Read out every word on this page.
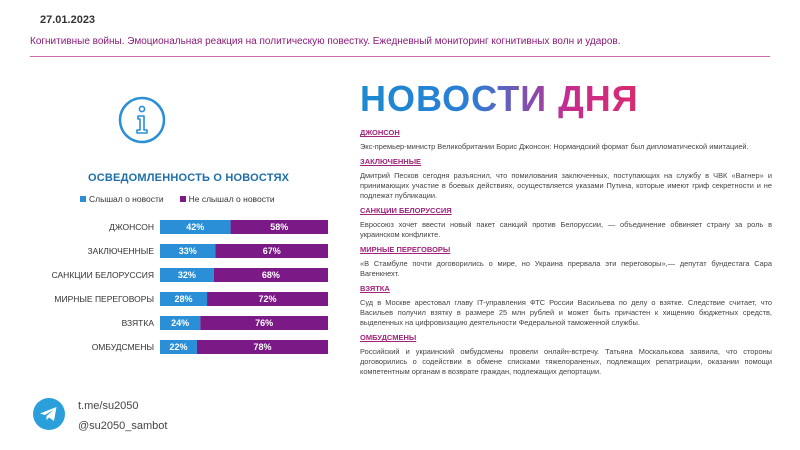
27.01.2023
Когнитивные войны. Эмоциональная реакция на политическую повестку. Ежедневный мониторинг когнитивных волн и ударов.
ОСВЕДОМЛЕННОСТЬ О НОВОСТЯХ
Слышал о новости	Не слышал о новости
ДЖОНСОН	42%	58%
ЗАКЛЮЧЕННЫЕ	33%	67%
САНКЦИИ БЕЛОРУССИЯ	32%	68%
МИРНЫЕ ПЕРЕГОВОРЫ 28%	72%
ВЗЯТКА 24%	76%
ОМБУДСМЕНЫ 22%	78%
t.me/su2050
@su2050_sambot
НОВОСТИ ДНЯ
ДЖОНСОН
Экс-премьер-министр Великобритании Борис Джонсон: Нормандский формат был дипломатической имитацией.
ЗАКЛЮЧЕННЫЕ
Дмитрий Песков сегодня разъяснил, что помилования заключенных, поступающих на службу в ЧВК «Вагнер» и принимающих участие в боевых действиях, осуществляется указами Путина, которые имеют гриф секретности и не подлежат публикации.
САНКЦИИ БЕЛОРУССИЯ
Евросоюз хочет ввести новый пакет санкций против Белоруссии, — объединение обвиняет страну за роль в украинском конфликте.
МИРНЫЕ ПЕРЕГОВОРЫ
«В Стамбуле почти договорились о мире, но Украина прервала эти переговоры»,— депутат бундестага Сара Вагенкнехт.
ВЗЯТКА
Суд в Москве арестовал главу IT-управления ФТС России Васильева по делу о взятке. Следствие считает, что Васильев получил взятку в размере 25 млн рублей и может быть причастен к хищению бюджетных средств, выделенных на цифровизацию деятельности Федеральной таможенной службы.
ОМБУДСМЕНЫ
Российский и украинский омбудсмены провели онлайн-встречу. Татьяна Москалькова заявила, что стороны договорились о содействии в обмене списками тяжелораненых, подлежащих репатриации, оказании помощи компетентным органам в возврате граждан, подлежащих депортации.
